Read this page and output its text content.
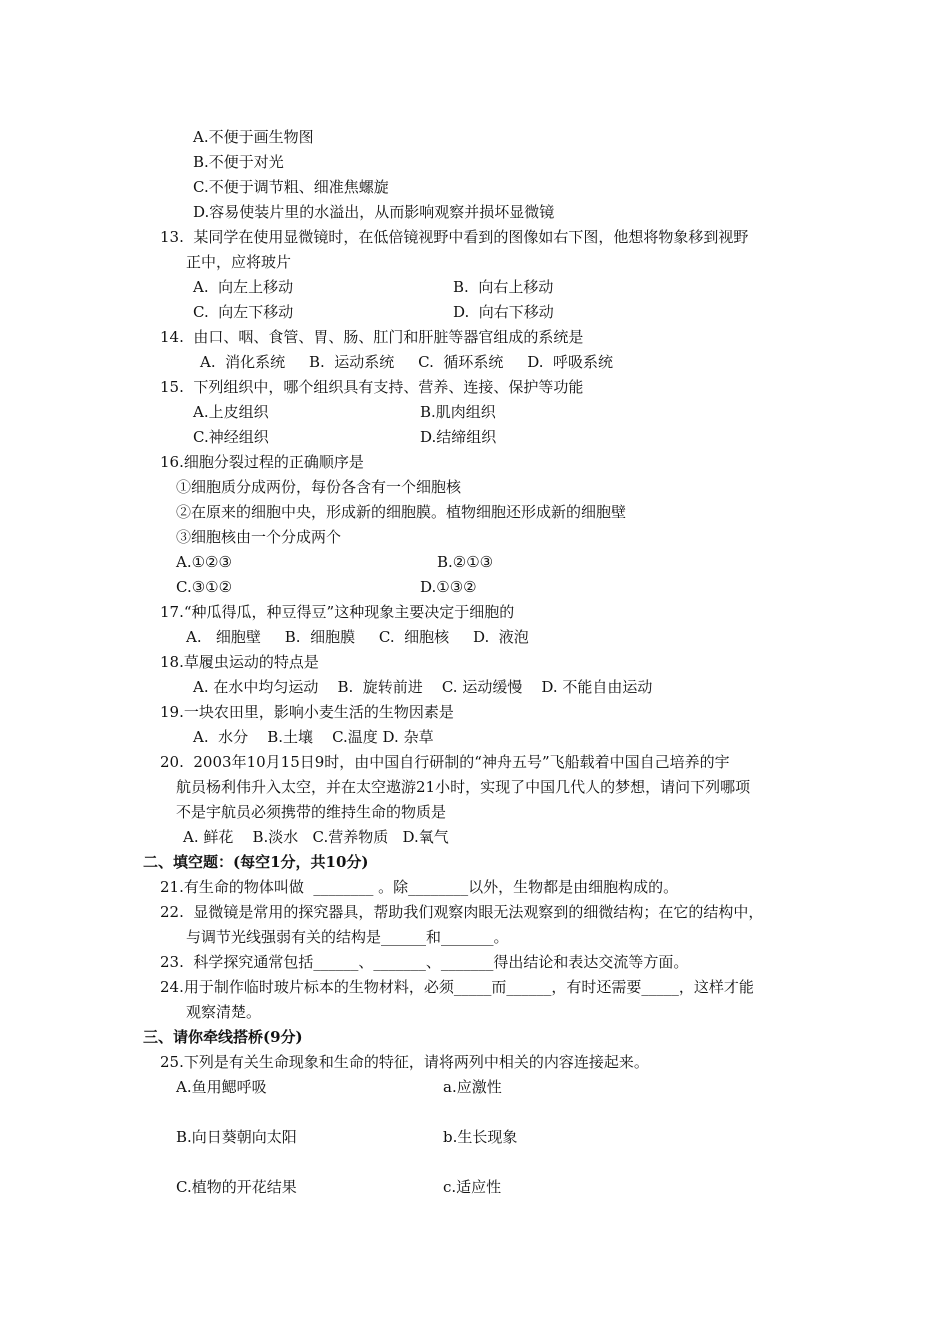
A.不便于画生物图
B.不便于对光
C.不便于调节粗、细准焦螺旋
D.容易使装片里的水溢出，从而影响观察并损坏显微镜
13.  某同学在使用显微镜时，在低倍镜视野中看到的图像如右下图，他想将物象移到视野
正中，应将玻片
A.  向左上移动	B.  向右上移动
C.  向左下移动	D.  向右下移动
14.  由口、咽、食管、胃、肠、肛门和肝脏等器官组成的系统是
A.  消化系统     B.  运动系统     C.  循环系统     D.  呼吸系统
15.  下列组织中，哪个组织具有支持、营养、连接、保护等功能
A.上皮组织	B.肌肉组织
C.神经组织	D.结缔组织
16.细胞分裂过程的正确顺序是
①细胞质分成两份，每份各含有一个细胞核
②在原来的细胞中央，形成新的细胞膜。植物细胞还形成新的细胞壁
③细胞核由一个分成两个
A.①②③	B.②①③
C.③①②	D.①③②
17.“种瓜得瓜，种豆得豆”这种现象主要决定于细胞的
A.   细胞壁     B.  细胞膜     C.  细胞核     D.  液泡
18.草履虫运动的特点是
A. 在水中均匀运动    B.  旋转前进    C. 运动缓慢    D. 不能自由运动
19.一块农田里，影响小麦生活的生物因素是
A.  水分    B.土壤    C.温度 D. 杂草
20.  2003年10月15日9时，由中国自行研制的“神舟五号”飞船载着中国自己培养的宇
航员杨利伟升入太空，并在太空遨游21小时，实现了中国几代人的梦想，请问下列哪项
不是宇航员必须携带的维持生命的物质是
A. 鲜花    B.淡水   C.营养物质   D.氧气
二、填空题：(每空1分，共10分)
21.有生命的物体叫做  ________ 。除________以外，生物都是由细胞构成的。
22.  显微镜是常用的探究器具，帮助我们观察肉眼无法观察到的细微结构；在它的结构中，
与调节光线强弱有关的结构是______和_______。
23.  科学探究通常包括______、_______、_______得出结论和表达交流等方面。
24.用于制作临时玻片标本的生物材料，必须_____而______，有时还需要_____，这样才能
观察清楚。
三、请你牵线搭桥(9分)
25.下列是有关生命现象和生命的特征，请将两列中相关的内容连接起来。
A.鱼用鳃呼吸	a.应激性
B.向日葵朝向太阳	b.生长现象
C.植物的开花结果	c.适应性
